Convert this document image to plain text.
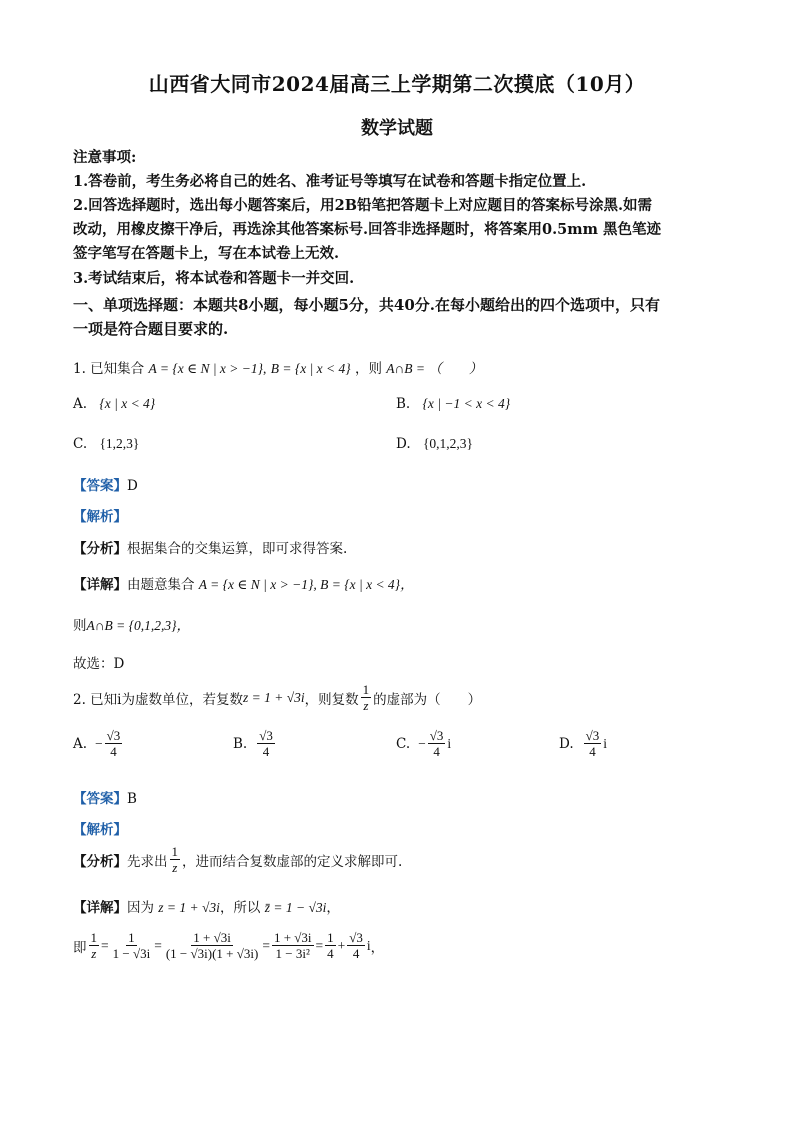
山西省大同市2024届高三上学期第二次摸底（10月）
数学试题
注意事项:
1.答卷前，考生务必将自己的姓名、准考证号等填写在试卷和答题卡指定位置上.
2.回答选择题时，选出每小题答案后，用2B铅笔把答题卡上对应题目的答案标号涂黑.如需
改动，用橡皮擦干净后，再选涂其他答案标号.回答非选择题时，将答案用0.5mm 黑色笔迹
签字笔写在答题卡上，写在本试卷上无效.
3.考试结束后，将本试卷和答题卡一并交回.
一、单项选择题：本题共8小题，每小题5分，共40分.在每小题给出的四个选项中，只有
一项是符合题目要求的.
1. 已知集合 A = {x ∈ N | x > −1}, B = {x | x < 4} ，则 A∩B = （　　）
A. {x | x < 4}	B. {x | −1 < x < 4}
C. {1,2,3}	D. {0,1,2,3}
【答案】D
【解析】
【分析】根据集合的交集运算，即可求得答案.
【详解】由题意集合 A = {x ∈ N | x > −1}, B = {x | x < 4}，
则A∩B = {0,1,2,3}，
故选：D
2. 已知i为虚数单位，若复数 z = 1 + √3i ，则复数 $\frac{1}{z}$ 的虚部为（　　）
A. − $\frac{√3}{4}$	B. $\frac{√3}{4}$	C. − $\frac{√3}{4}$ i	D. $\frac{√3}{4}$ i
【答案】B
【解析】
【分析】 先求出 $\frac{1}{z}$ ，进而结合复数虚部的定义求解即可.
【详解】因为 z = 1 + √3i，所以 z̄ = 1 − √3i，
即 $\frac{1}{z} = \frac{1}{1 - √3i} = \frac{1 + √3i}{(1 - √3i)(1 + √3i)} = \frac{1 + √3i}{\text{1 − 3i²}} = \frac{1}{4} + \frac{√3}{4}$ i ，
